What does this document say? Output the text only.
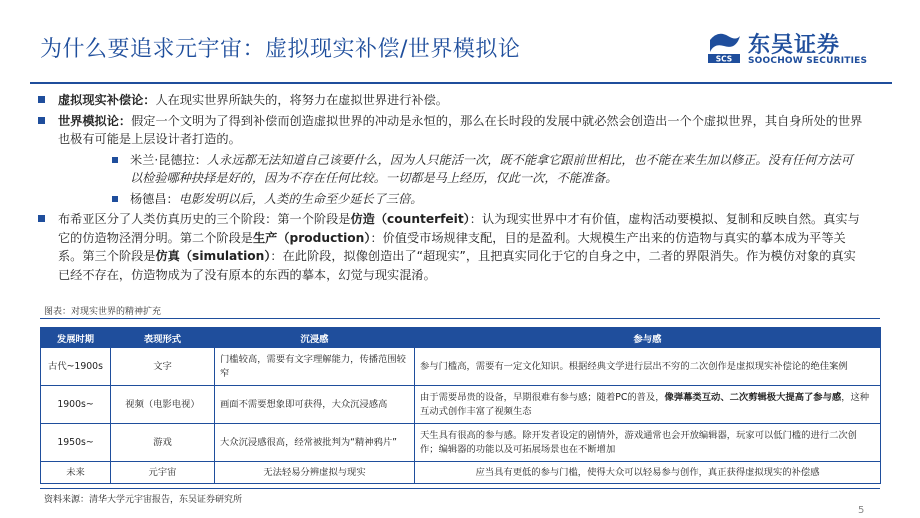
为什么要追求元宇宙：虚拟现实补偿/世界模拟论	SCS
东吴证券
SOOCHOW SECURITIES
虚拟现实补偿论：人在现实世界所缺失的，将努力在虚拟世界进行补偿。
世界模拟论：假定一个文明为了得到补偿而创造虚拟世界的冲动是永恒的，那么在长时段的发展中就必然会创造出一个个虚拟世界，其自身所处的世界也极有可能是上层设计者打造的。
米兰·昆德拉：人永远都无法知道自己该要什么，因为人只能活一次，既不能拿它跟前世相比，也不能在来生加以修正。没有任何方法可以检验哪种抉择是好的，因为不存在任何比较。一切都是马上经历，仅此一次，不能准备。
杨德昌：电影发明以后，人类的生命至少延长了三倍。
布希亚区分了人类仿真历史的三个阶段：第一个阶段是仿造（counterfeit）：认为现实世界中才有价值，虚构活动要模拟、复制和反映自然。真实与它的仿造物泾渭分明。第二个阶段是生产（production）：价值受市场规律支配，目的是盈利。大规模生产出来的仿造物与真实的摹本成为平等关系。第三个阶段是仿真（simulation）：在此阶段，拟像创造出了“超现实”，且把真实同化于它的自身之中，二者的界限消失。作为模仿对象的真实已经不存在，仿造物成为了没有原本的东西的摹本，幻觉与现实混淆。
图表：对现实世界的精神扩充
发展时期	表现形式	沉浸感	参与感
古代~1900s	文字	门槛较高，需要有文字理解能力，传播范围较窄	参与门槛高，需要有一定文化知识。根据经典文学进行层出不穷的二次创作是虚拟现实补偿论的绝佳案例
1900s~	视频（电影电视）	画面不需要想象即可获得，大众沉浸感高	由于需要昂贵的设备，早期很难有参与感；随着PC的普及，像弹幕类互动、二次剪辑极大提高了参与感，这种互动式创作丰富了视频生态
1950s~	游戏	大众沉浸感很高，经常被批判为“精神鸦片”	天生具有很高的参与感。除开发者设定的剧情外，游戏通常也会开放编辑器，玩家可以低门槛的进行二次创作；编辑器的功能以及可拓展场景也在不断增加
未来	元宇宙	无法轻易分辨虚拟与现实	应当具有更低的参与门槛，使得大众可以轻易参与创作，真正获得虚拟现实的补偿感
资料来源：清华大学元宇宙报告，东吴证券研究所
5
